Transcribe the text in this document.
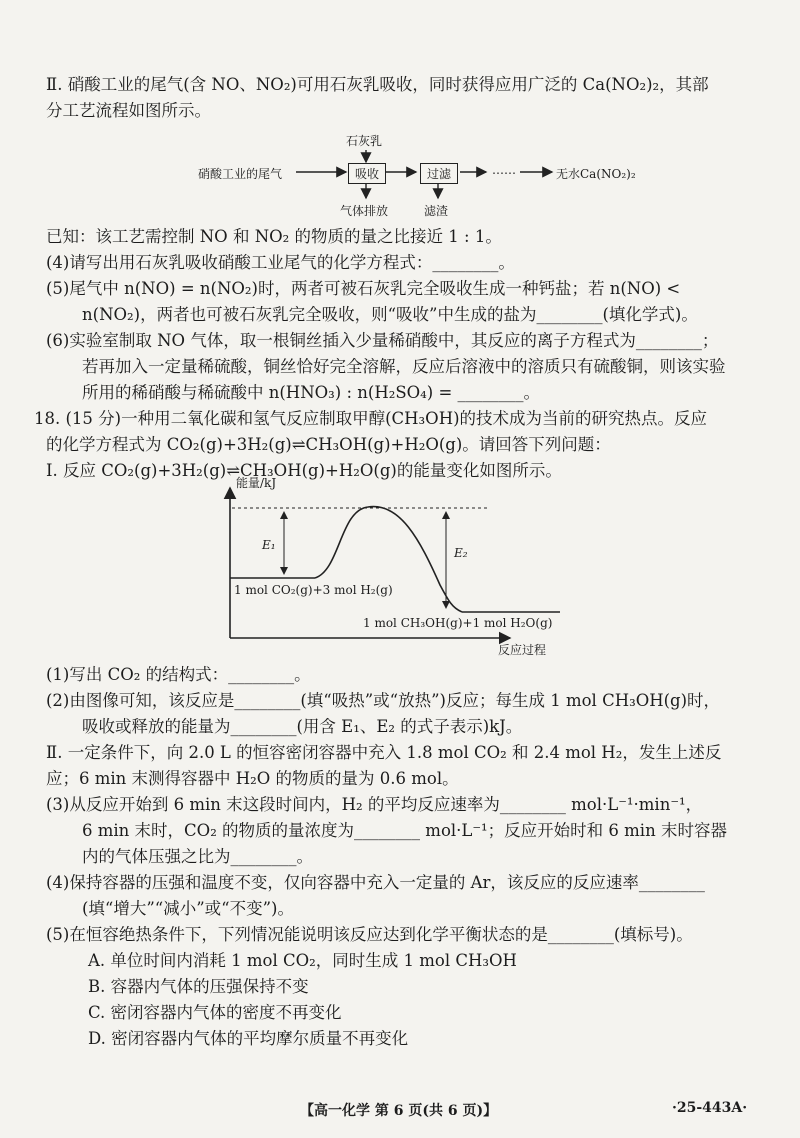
Ⅱ. 硝酸工业的尾气(含 NO、NO₂)可用石灰乳吸收，同时获得应用广泛的 Ca(NO₂)₂，其部
分工艺流程如图所示。
硝酸工业的尾气
石灰乳
吸收	过滤	……	无水Ca(NO₂)₂
气体排放	滤渣
已知：该工艺需控制 NO 和 NO₂ 的物质的量之比接近 1 : 1。
(4)请写出用石灰乳吸收硝酸工业尾气的化学方程式：________。
(5)尾气中 n(NO) = n(NO₂)时，两者可被石灰乳完全吸收生成一种钙盐；若 n(NO) <
n(NO₂)，两者也可被石灰乳完全吸收，则“吸收”中生成的盐为________(填化学式)。
(6)实验室制取 NO 气体，取一根铜丝插入少量稀硝酸中，其反应的离子方程式为________；
若再加入一定量稀硫酸，铜丝恰好完全溶解，反应后溶液中的溶质只有硫酸铜，则该实验
所用的稀硝酸与稀硫酸中 n(HNO₃) : n(H₂SO₄) = ________。
18. (15 分)一种用二氧化碳和氢气反应制取甲醇(CH₃OH)的技术成为当前的研究热点。反应
的化学方程式为 CO₂(g)+3H₂(g)⇌CH₃OH(g)+H₂O(g)。请回答下列问题：
Ⅰ. 反应 CO₂(g)+3H₂(g)⇌CH₃OH(g)+H₂O(g)的能量变化如图所示。
能量/kJ
反应过程
1 mol CO₂(g)+3 mol H₂(g)
1 mol CH₃OH(g)+1 mol H₂O(g)
E₁
E₂
(1)写出 CO₂ 的结构式：________。
(2)由图像可知，该反应是________(填“吸热”或“放热”)反应；每生成 1 mol CH₃OH(g)时，
吸收或释放的能量为________(用含 E₁、E₂ 的式子表示)kJ。
Ⅱ. 一定条件下，向 2.0 L 的恒容密闭容器中充入 1.8 mol CO₂ 和 2.4 mol H₂，发生上述反
应；6 min 末测得容器中 H₂O 的物质的量为 0.6 mol。
(3)从反应开始到 6 min 末这段时间内，H₂ 的平均反应速率为________ mol·L⁻¹·min⁻¹，
6 min 末时，CO₂ 的物质的量浓度为________ mol·L⁻¹；反应开始时和 6 min 末时容器
内的气体压强之比为________。
(4)保持容器的压强和温度不变，仅向容器中充入一定量的 Ar，该反应的反应速率________
(填“增大”“减小”或“不变”)。
(5)在恒容绝热条件下，下列情况能说明该反应达到化学平衡状态的是________(填标号)。
A. 单位时间内消耗 1 mol CO₂，同时生成 1 mol CH₃OH
B. 容器内气体的压强保持不变
C. 密闭容器内气体的密度不再变化
D. 密闭容器内气体的平均摩尔质量不再变化
【高一化学 第 6 页(共 6 页)】	·25-443A·
